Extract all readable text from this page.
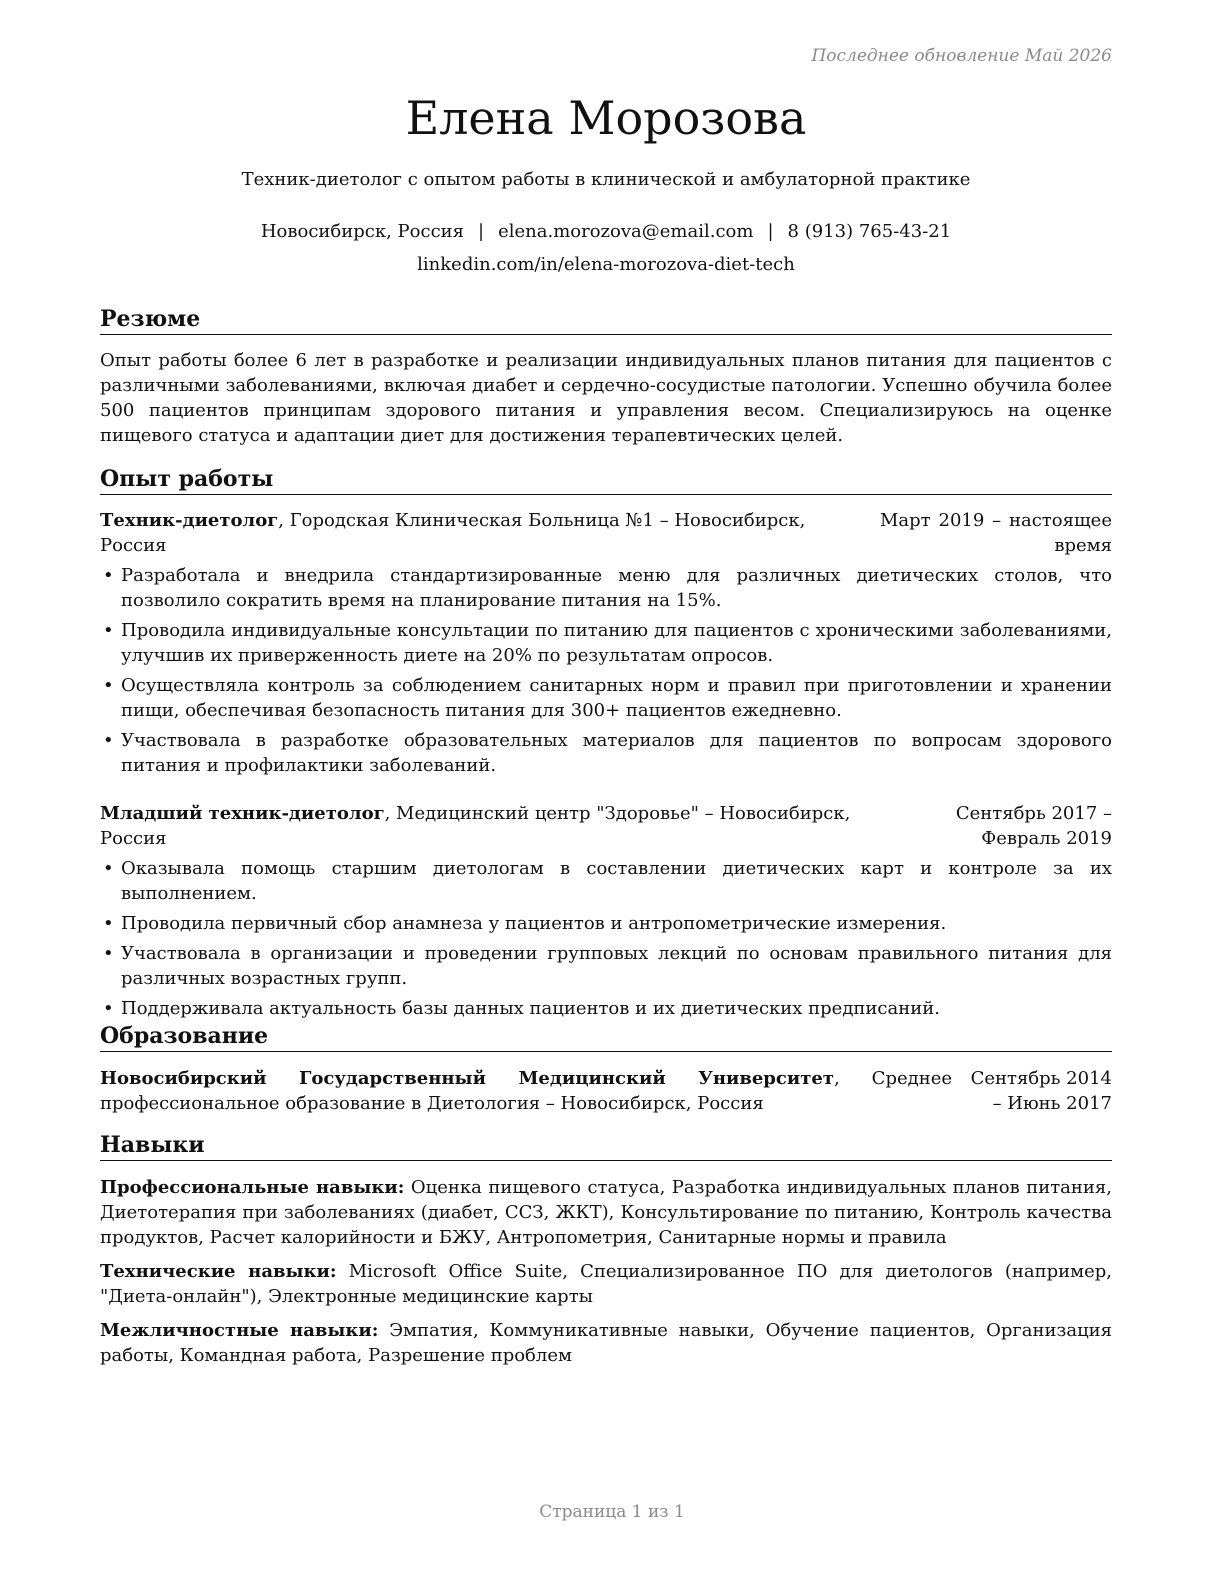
Последнее обновление Май 2026
Елена Морозова
Техник-диетолог с опытом работы в клинической и амбулаторной практике
Новосибирск, Россия | elena.morozova@email.com | 8 (913) 765-43-21
linkedin.com/in/elena-morozova-diet-tech
Резюме
Опыт работы более 6 лет в разработке и реализации индивидуальных планов питания для пациентов с различными заболеваниями, включая диабет и сердечно-сосудистые патологии. Успешно обучила более 500 пациентов принципам здорового питания и управления весом. Специализируюсь на оценке пищевого статуса и адаптации диет для достижения терапевтических целей.
Опыт работы
Техник-диетолог, Городская Клиническая Больница №1 – Новосибирск, Россия
Март 2019 – настоящее время
• Разработала и внедрила стандартизированные меню для различных диетических столов, что позволило сократить время на планирование питания на 15%.
• Проводила индивидуальные консультации по питанию для пациентов с хроническими заболеваниями, улучшив их приверженность диете на 20% по результатам опросов.
• Осуществляла контроль за соблюдением санитарных норм и правил при приготовлении и хранении пищи, обеспечивая безопасность питания для 300+ пациентов ежедневно.
• Участвовала в разработке образовательных материалов для пациентов по вопросам здорового питания и профилактики заболеваний.
Младший техник-диетолог, Медицинский центр "Здоровье" – Новосибирск, Россия
Сентябрь 2017 – Февраль 2019
• Оказывала помощь старшим диетологам в составлении диетических карт и контроле за их выполнением.
• Проводила первичный сбор анамнеза у пациентов и антропометрические измерения.
• Участвовала в организации и проведении групповых лекций по основам правильного питания для различных возрастных групп.
• Поддерживала актуальность базы данных пациентов и их диетических предписаний.
Образование
Новосибирский Государственный Медицинский Университет, Среднее профессиональное образование в Диетология – Новосибирск, Россия
Сентябрь 2014 – Июнь 2017
Навыки
Профессиональные навыки: Оценка пищевого статуса, Разработка индивидуальных планов питания, Диетотерапия при заболеваниях (диабет, ССЗ, ЖКТ), Консультирование по питанию, Контроль качества продуктов, Расчет калорийности и БЖУ, Антропометрия, Санитарные нормы и правила
Технические навыки: Microsoft Office Suite, Специализированное ПО для диетологов (например, "Диета-онлайн"), Электронные медицинские карты
Межличностные навыки: Эмпатия, Коммуникативные навыки, Обучение пациентов, Организация работы, Командная работа, Разрешение проблем
Страница 1 из 1
